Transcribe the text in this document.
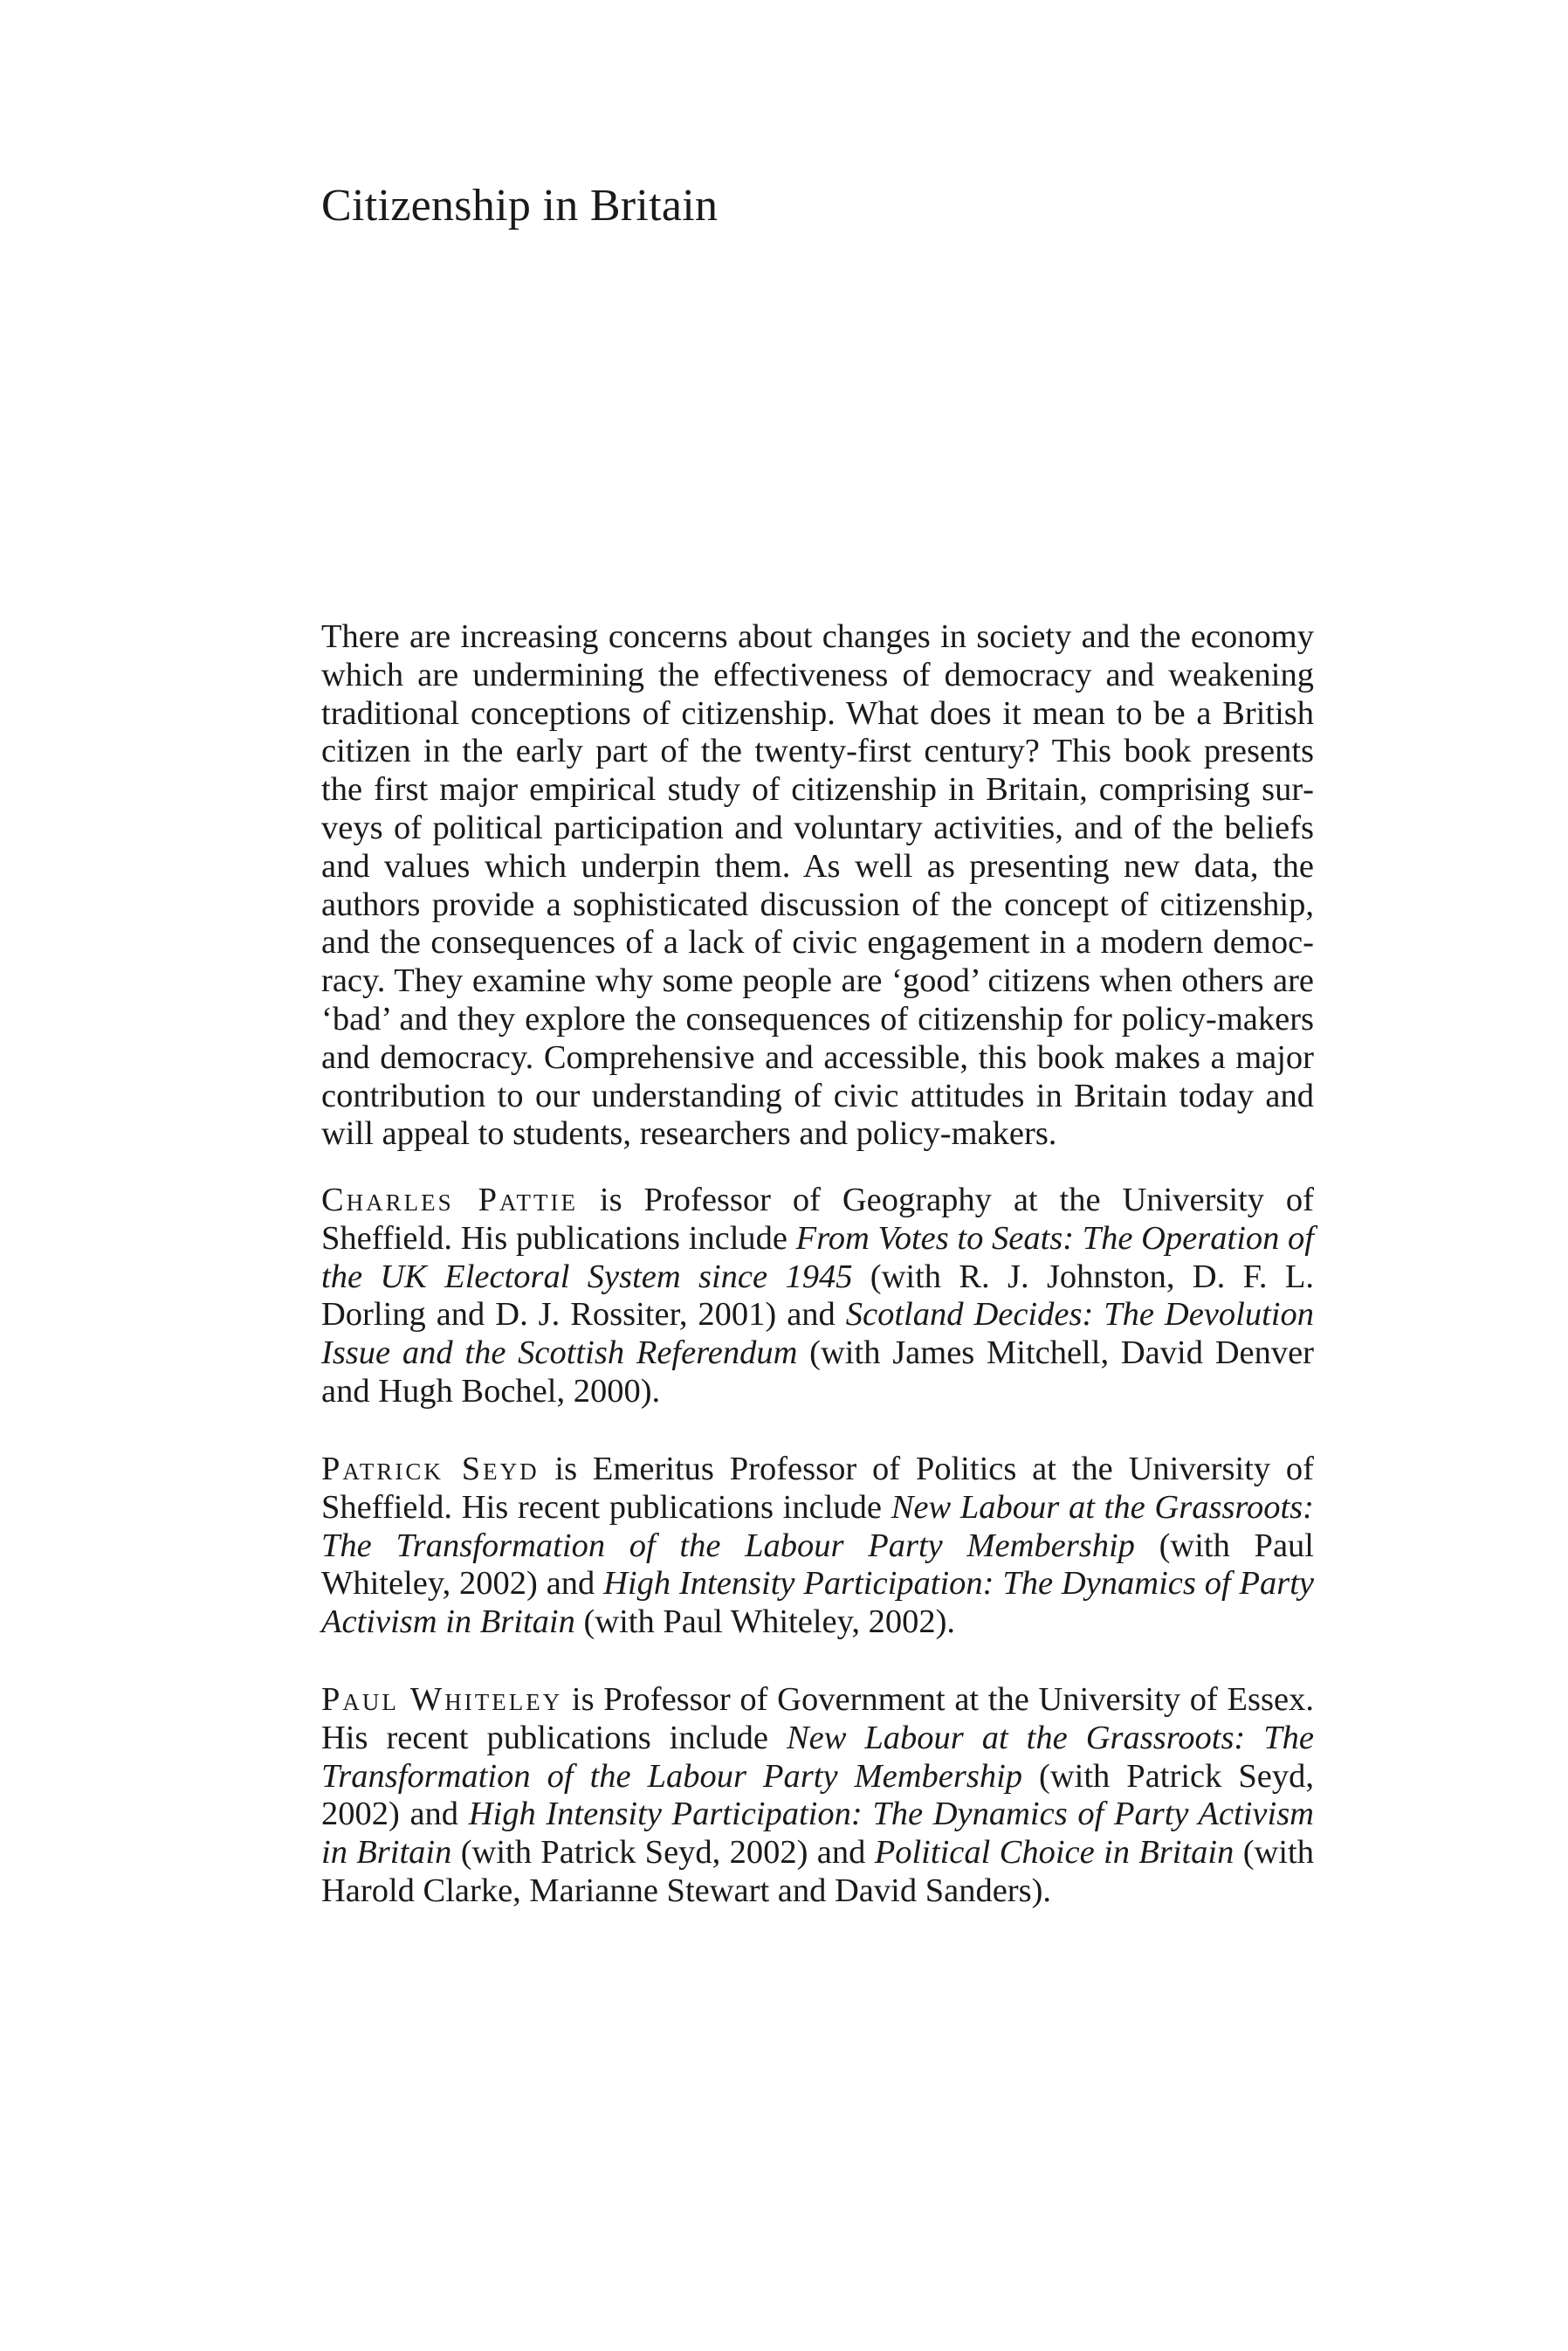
Citizenship in Britain

There are increasing concerns about changes in society and the economy which are undermining the effectiveness of democracy and weakening traditional conceptions of citizenship. What does it mean to be a British citizen in the early part of the twenty-first century? This book presents the first major empirical study of citizenship in Britain, comprising surveys of political participation and voluntary activities, and of the beliefs and values which underpin them. As well as presenting new data, the authors provide a sophisticated discussion of the concept of citizenship, and the consequences of a lack of civic engagement in a modern democracy. They examine why some people are ‘good’ citizens when others are ‘bad’ and they explore the consequences of citizenship for policy-makers and democracy. Comprehensive and accessible, this book makes a major contribution to our understanding of civic attitudes in Britain today and will appeal to students, researchers and policy-makers.

Charles Pattie is Professor of Geography at the University of Sheffield. His publications include From Votes to Seats: The Operation of the UK Electoral System since 1945 (with R. J. Johnston, D. F. L. Dorling and D. J. Rossiter, 2001) and Scotland Decides: The Devolution Issue and the Scottish Referendum (with James Mitchell, David Denver and Hugh Bochel, 2000).

Patrick Seyd is Emeritus Professor of Politics at the University of Sheffield. His recent publications include New Labour at the Grassroots: The Transformation of the Labour Party Membership (with Paul Whiteley, 2002) and High Intensity Participation: The Dynamics of Party Activism in Britain (with Paul Whiteley, 2002).

Paul Whiteley is Professor of Government at the University of Essex. His recent publications include New Labour at the Grassroots: The Transformation of the Labour Party Membership (with Patrick Seyd, 2002) and High Intensity Participation: The Dynamics of Party Activism in Britain (with Patrick Seyd, 2002) and Political Choice in Britain (with Harold Clarke, Marianne Stewart and David Sanders).
